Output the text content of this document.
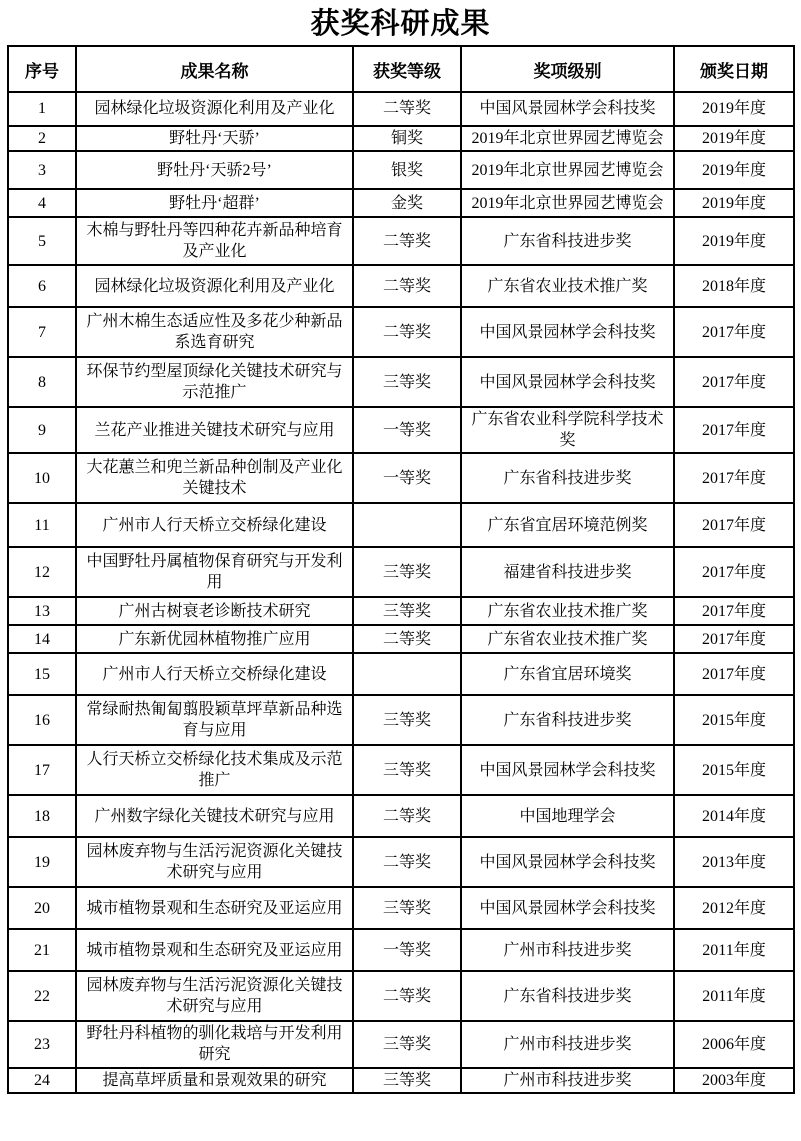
获奖科研成果
序号	成果名称	获奖等级	奖项级别	颁奖日期
1	园林绿化垃圾资源化利用及产业化	二等奖	中国风景园林学会科技奖	2019年度
2	野牡丹‘天骄’	铜奖	2019年北京世界园艺博览会	2019年度
3	野牡丹‘天骄2号’	银奖	2019年北京世界园艺博览会	2019年度
4	野牡丹‘超群’	金奖	2019年北京世界园艺博览会	2019年度
5	木棉与野牡丹等四种花卉新品种培育及产业化	二等奖	广东省科技进步奖	2019年度
6	园林绿化垃圾资源化利用及产业化	二等奖	广东省农业技术推广奖	2018年度
7	广州木棉生态适应性及多花少种新品系选育研究	二等奖	中国风景园林学会科技奖	2017年度
8	环保节约型屋顶绿化关键技术研究与示范推广	三等奖	中国风景园林学会科技奖	2017年度
9	兰花产业推进关键技术研究与应用	一等奖	广东省农业科学院科学技术奖	2017年度
10	大花蕙兰和兜兰新品种创制及产业化关键技术	一等奖	广东省科技进步奖	2017年度
11	广州市人行天桥立交桥绿化建设		广东省宜居环境范例奖	2017年度
12	中国野牡丹属植物保育研究与开发利用	三等奖	福建省科技进步奖	2017年度
13	广州古树衰老诊断技术研究	三等奖	广东省农业技术推广奖	2017年度
14	广东新优园林植物推广应用	二等奖	广东省农业技术推广奖	2017年度
15	广州市人行天桥立交桥绿化建设		广东省宜居环境奖	2017年度
16	常绿耐热匍匐翦股颖草坪草新品种选育与应用	三等奖	广东省科技进步奖	2015年度
17	人行天桥立交桥绿化技术集成及示范推广	三等奖	中国风景园林学会科技奖	2015年度
18	广州数字绿化关键技术研究与应用	二等奖	中国地理学会	2014年度
19	园林废弃物与生活污泥资源化关键技术研究与应用	二等奖	中国风景园林学会科技奖	2013年度
20	城市植物景观和生态研究及亚运应用	三等奖	中国风景园林学会科技奖	2012年度
21	城市植物景观和生态研究及亚运应用	一等奖	广州市科技进步奖	2011年度
22	园林废弃物与生活污泥资源化关键技术研究与应用	二等奖	广东省科技进步奖	2011年度
23	野牡丹科植物的驯化栽培与开发利用研究	三等奖	广州市科技进步奖	2006年度
24	提高草坪质量和景观效果的研究	三等奖	广州市科技进步奖	2003年度
